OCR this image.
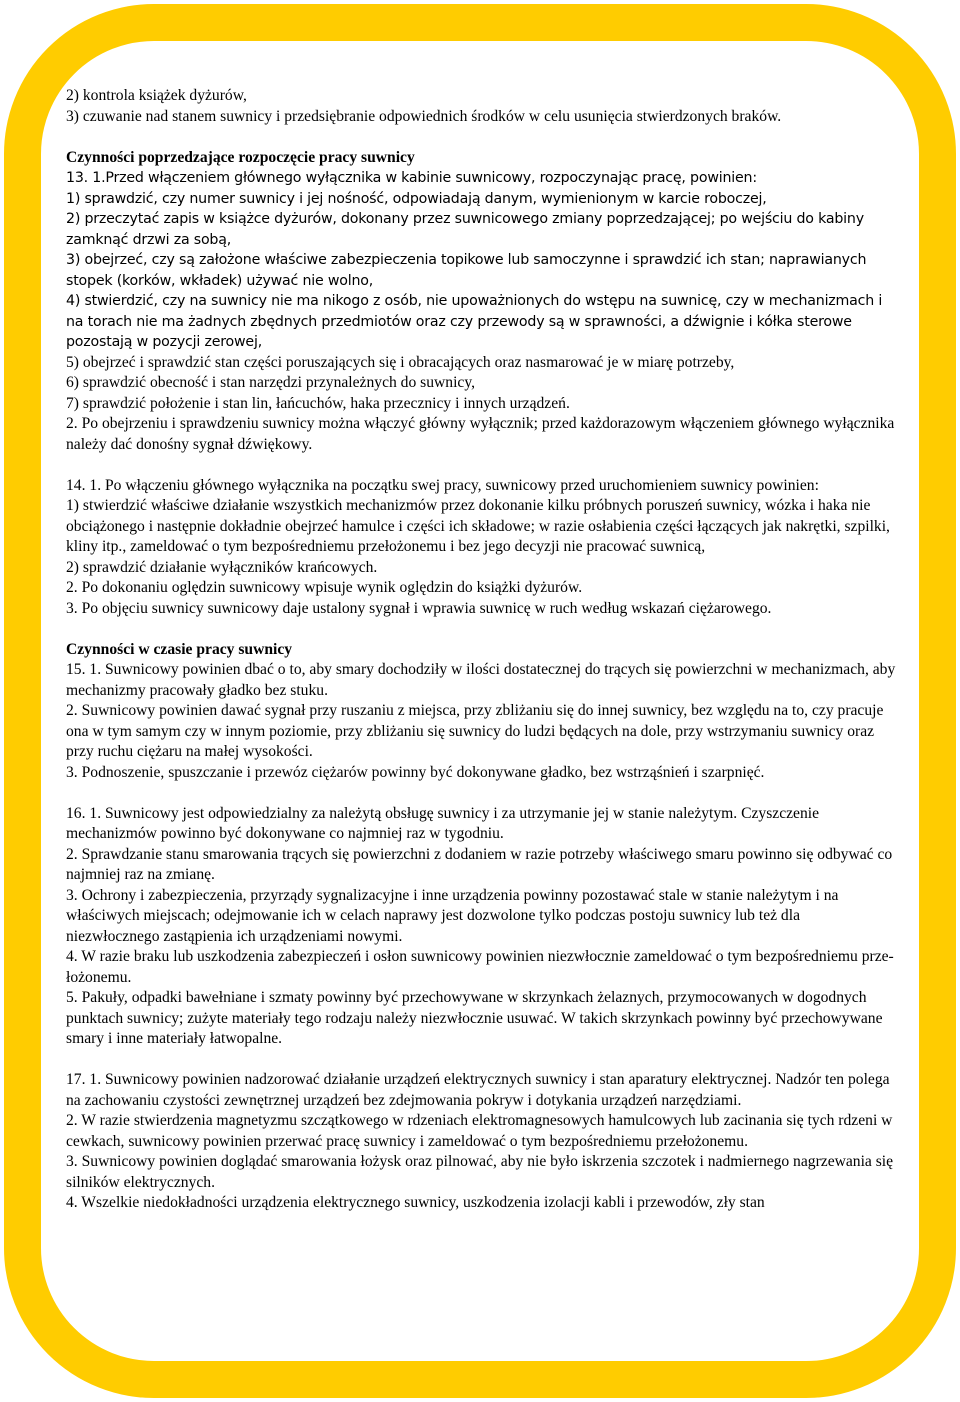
2) kontrola książek dyżurów,

3) czuwanie nad stanem suwnicy i przedsiębranie odpowiednich środków w celu usunięcia stwierdzonych braków.

Czynności poprzedzające rozpoczęcie pracy suwnicy

13. 1.Przed włączeniem głównego wyłącznika w kabinie suwnicowy, rozpoczynając pracę, powinien:

1) sprawdzić, czy numer suwnicy i jej nośność, odpowiadają danym, wymienionym w karcie roboczej,

2) przeczytać zapis w książce dyżurów, dokonany przez suwnicowego zmiany poprzedzającej; po wejściu do kabiny zamknąć drzwi za sobą,

3) obejrzeć, czy są założone właściwe zabezpieczenia topikowe lub samoczynne i sprawdzić ich stan; naprawianych stopek (korków, wkładek) używać nie wolno,

4) stwierdzić, czy na suwnicy nie ma nikogo z osób, nie upoważnionych do wstępu na suwnicę, czy w mechanizmach i na torach nie ma żadnych zbędnych przedmiotów oraz czy przewody są w sprawności, a dźwignie i kółka sterowe pozostają w pozycji zerowej,

5) obejrzeć i sprawdzić stan części poruszających się i obracających oraz nasmarować je w miarę potrzeby,

6) sprawdzić obecność i stan narzędzi przynależnych do suwnicy,

7) sprawdzić położenie i stan lin, łańcuchów, haka przecznicy i innych urządzeń.

2. Po obejrzeniu i sprawdzeniu suwnicy można włączyć główny wyłącznik; przed każdorazowym włączeniem głównego wyłącznika należy dać donośny sygnał dźwiękowy.

14. 1. Po włączeniu głównego wyłącznika na początku swej pracy, suwnicowy przed uruchomieniem suwnicy powinien:

1) stwierdzić właściwe działanie wszystkich mechanizmów przez dokonanie kilku próbnych poruszeń suwnicy, wózka i haka nie obciążonego i następnie dokładnie obejrzeć hamulce i części ich składowe; w razie osłabienia części łączących jak nakrętki, szpilki, kliny itp., zameldować o tym bezpośredniemu przełożonemu i bez jego decyzji nie pracować suwnicą,

2) sprawdzić działanie wyłączników krańcowych.

2. Po dokonaniu oględzin suwnicowy wpisuje wynik oględzin do książki dyżurów.

3. Po objęciu suwnicy suwnicowy daje ustalony sygnał i wprawia suwnicę w ruch według wskazań ciężarowego.

Czynności w czasie pracy suwnicy

15. 1. Suwnicowy powinien dbać o to, aby smary dochodziły w ilości dostatecznej do trących się powierzchni w mechanizmach, aby mechanizmy pracowały gładko bez stuku.

2. Suwnicowy powinien dawać sygnał przy ruszaniu z miejsca, przy zbliżaniu się do innej suwnicy, bez względu na to, czy pracuje ona w tym samym czy w innym poziomie, przy zbliżaniu się suwnicy do ludzi będących na dole, przy wstrzymaniu suwnicy oraz przy ruchu ciężaru na małej wysokości.

3. Podnoszenie, spuszczanie i przewóz ciężarów powinny być dokonywane gładko, bez wstrząśnień i szarpnięć.

16. 1. Suwnicowy jest odpowiedzialny za należytą obsługę suwnicy i za utrzymanie jej w stanie należytym. Czyszczenie mechanizmów powinno być dokonywane co najmniej raz w tygodniu.

2. Sprawdzanie stanu smarowania trących się powierzchni z dodaniem w razie potrzeby właściwego smaru powinno się odbywać co najmniej raz na zmianę.

3. Ochrony i zabezpieczenia, przyrządy sygnalizacyjne i inne urządzenia powinny pozostawać stale w stanie należytym i na właściwych miejscach; odejmowanie ich w celach naprawy jest dozwolone tylko podczas postoju suwnicy lub też dla niezwłocznego zastąpienia ich urządzeniami nowymi.

4. W razie braku lub uszkodzenia zabezpieczeń i osłon suwnicowy powinien niezwłocznie zameldować o tym bezpośredniemu prze-łożonemu.

5. Pakuły, odpadki bawełniane i szmaty powinny być przechowywane w skrzynkach żelaznych, przymocowanych w dogodnych punktach suwnicy; zużyte materiały tego rodzaju należy niezwłocznie usuwać. W takich skrzynkach powinny być przechowywane smary i inne materiały łatwopalne.

17. 1. Suwnicowy powinien nadzorować działanie urządzeń elektrycznych suwnicy i stan aparatury elektrycznej. Nadzór ten polega na zachowaniu czystości zewnętrznej urządzeń bez zdejmowania pokryw i dotykania urządzeń narzędziami.

2. W razie stwierdzenia magnetyzmu szczątkowego w rdzeniach elektromagnesowych hamulcowych lub zacinania się tych rdzeni w cewkach, suwnicowy powinien przerwać pracę suwnicy i zameldować o tym bezpośredniemu przełożonemu.

3. Suwnicowy powinien doglądać smarowania łożysk oraz pilnować, aby nie było iskrzenia szczotek i nadmiernego nagrzewania się silników elektrycznych.

4. Wszelkie niedokładności urządzenia elektrycznego suwnicy, uszkodzenia izolacji kabli i przewodów, zły stan
